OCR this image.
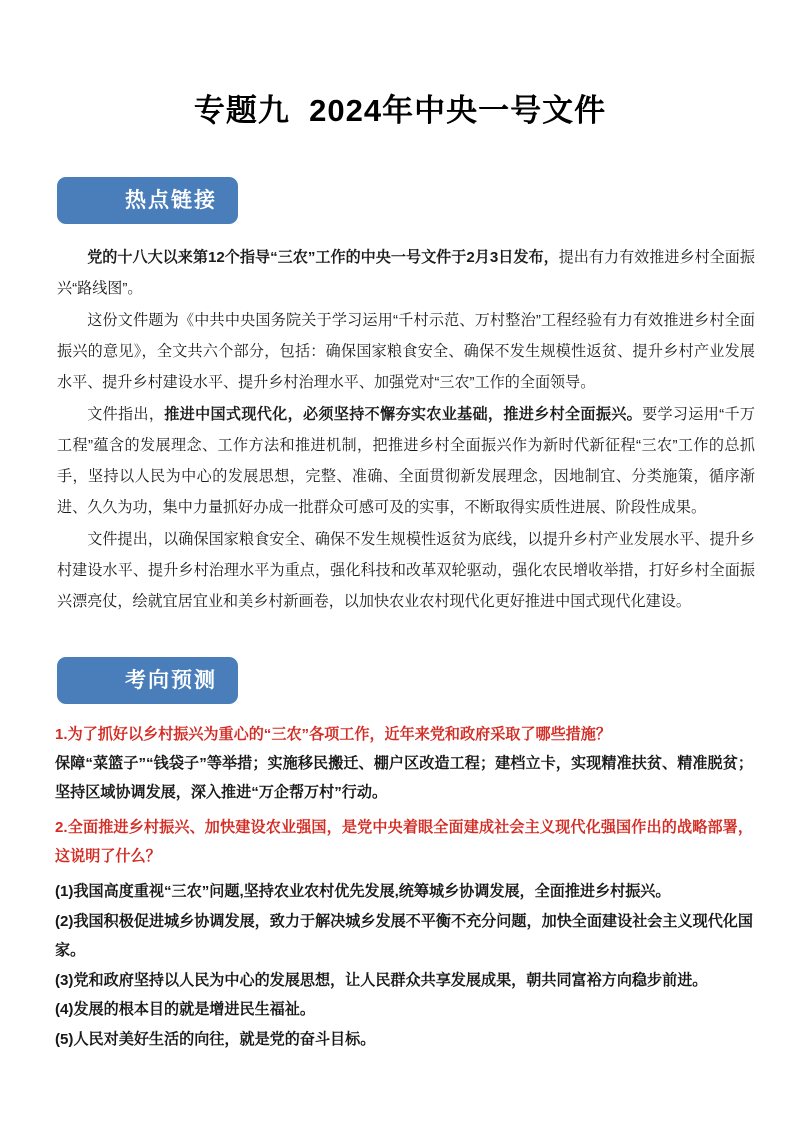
专题九  2024年中央一号文件
热点链接

党的十八大以来第12个指导“三农”工作的中央一号文件于2月3日发布，提出有力有效推进乡村全面振兴“路线图”。

这份文件题为《中共中央国务院关于学习运用“千村示范、万村整治”工程经验有力有效推进乡村全面振兴的意见》，全文共六个部分，包括：确保国家粮食安全、确保不发生规模性返贫、提升乡村产业发展水平、提升乡村建设水平、提升乡村治理水平、加强党对“三农”工作的全面领导。

文件指出，推进中国式现代化，必须坚持不懈夯实农业基础，推进乡村全面振兴。要学习运用“千万工程”蕴含的发展理念、工作方法和推进机制，把推进乡村全面振兴作为新时代新征程“三农”工作的总抓手，坚持以人民为中心的发展思想，完整、准确、全面贯彻新发展理念，因地制宜、分类施策，循序渐进、久久为功，集中力量抓好办成一批群众可感可及的实事，不断取得实质性进展、阶段性成果。

文件提出，以确保国家粮食安全、确保不发生规模性返贫为底线，以提升乡村产业发展水平、提升乡村建设水平、提升乡村治理水平为重点，强化科技和改革双轮驱动，强化农民增收举措，打好乡村全面振兴漂亮仗，绘就宜居宜业和美乡村新画卷，以加快农业农村现代化更好推进中国式现代化建设。

考向预测

1.为了抓好以乡村振兴为重心的“三农”各项工作，近年来党和政府采取了哪些措施？

保障“菜篮子”“钱袋子”等举措；实施移民搬迁、棚户区改造工程；建档立卡，实现精准扶贫、精准脱贫；坚持区域协调发展，深入推进“万企帮万村”行动。

2.全面推进乡村振兴、加快建设农业强国，是党中央着眼全面建成社会主义现代化强国作出的战略部署，这说明了什么？

(1)我国高度重视“三农”问题,坚持农业农村优先发展,统筹城乡协调发展，全面推进乡村振兴。

(2)我国积极促进城乡协调发展，致力于解决城乡发展不平衡不充分问题，加快全面建设社会主义现代化国家。

(3)党和政府坚持以人民为中心的发展思想，让人民群众共享发展成果，朝共同富裕方向稳步前进。

(4)发展的根本目的就是增进民生福祉。

(5)人民对美好生活的向往，就是党的奋斗目标。
